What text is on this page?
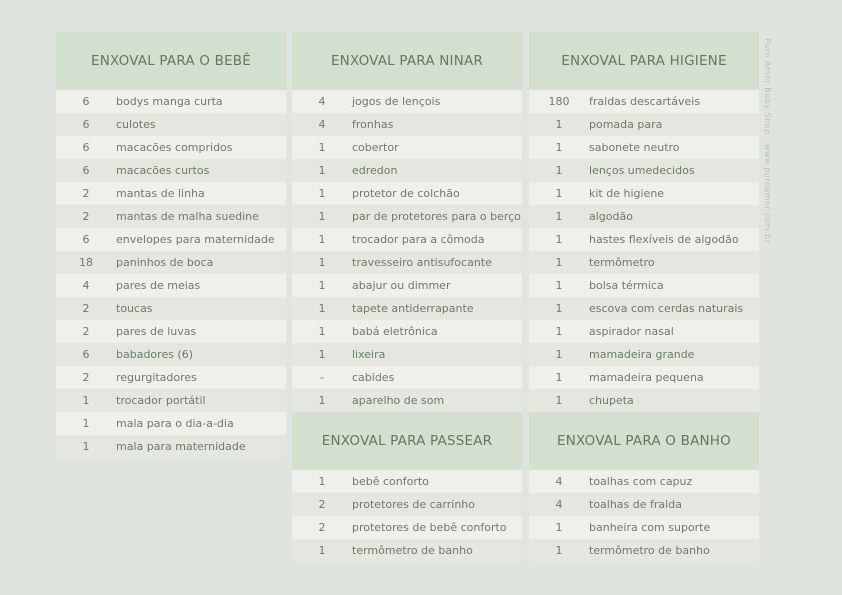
ENXOVAL PARA O BEBÊ
6	bodys manga curta
6	culotes
6	macacões compridos
6	macacões curtos
2	mantas de linha
2	mantas de malha suedine
6	envelopes para maternidade
18	paninhos de boca
4	pares de meias
2	toucas
2	pares de luvas
6	babadores (6)
2	regurgitadores
1	trocador portátil
1	mala para o dia-a-dia
1	mala para maternidade
ENXOVAL PARA NINAR
4	jogos de lençois
4	fronhas
1	cobertor
1	edredon
1	protetor de colchão
1	par de protetores para o berço
1	trocador para a cômoda
1	travesseiro antisufocante
1	abajur ou dimmer
1	tapete antiderrapante
1	babá eletrônica
1	lixeira
-	cabides
1	aparelho de som
ENXOVAL PARA PASSEAR
1	bebê conforto
2	protetores de carrinho
2	protetores de bebê conforto
1	termômetro de banho
ENXOVAL PARA HIGIENE
180	fraldas descartáveis
1	pomada para
1	sabonete neutro
1	lenços umedecidos
1	kit de higiene
1	algodão
1	hastes flexíveis de algodão
1	termômetro
1	bolsa térmica
1	escova com cerdas naturais
1	aspirador nasal
1	mamadeira grande
1	mamadeira pequena
1	chupeta
ENXOVAL PARA O BANHO
4	toalhas com capuz
4	toalhas de fralda
1	banheira com suporte
1	termômetro de banho
Puro Amor Baby Shop · www.puroamor.com.br
